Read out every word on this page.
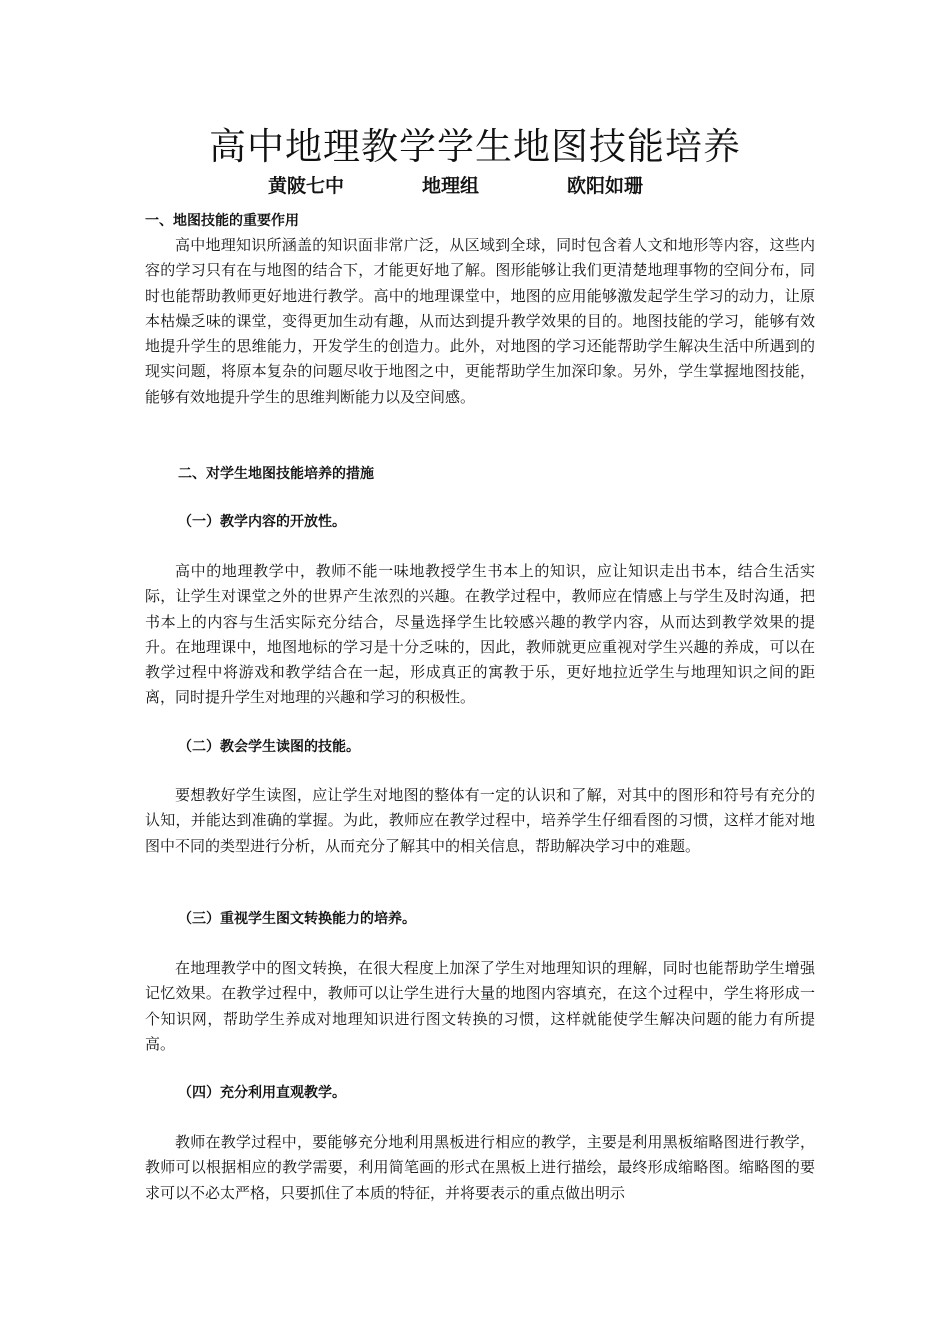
高中地理教学学生地图技能培养
黄陂七中	地理组	欧阳如珊
一、地图技能的重要作用

高中地理知识所涵盖的知识面非常广泛，从区域到全球，同时包含着人文和地形等内容，这些内容的学习只有在与地图的结合下，才能更好地了解。图形能够让我们更清楚地理事物的空间分布，同时也能帮助教师更好地进行教学。高中的地理课堂中，地图的应用能够激发起学生学习的动力，让原本枯燥乏味的课堂，变得更加生动有趣，从而达到提升教学效果的目的。地图技能的学习，能够有效地提升学生的思维能力，开发学生的创造力。此外，对地图的学习还能帮助学生解决生活中所遇到的现实问题，将原本复杂的问题尽收于地图之中，更能帮助学生加深印象。另外，学生掌握地图技能，能够有效地提升学生的思维判断能力以及空间感。

二、对学生地图技能培养的措施
（一）教学内容的开放性。

高中的地理教学中，教师不能一味地教授学生书本上的知识，应让知识走出书本，结合生活实际，让学生对课堂之外的世界产生浓烈的兴趣。在教学过程中，教师应在情感上与学生及时沟通，把书本上的内容与生活实际充分结合，尽量选择学生比较感兴趣的教学内容，从而达到教学效果的提升。在地理课中，地图地标的学习是十分乏味的，因此，教师就更应重视对学生兴趣的养成，可以在教学过程中将游戏和教学结合在一起，形成真正的寓教于乐，更好地拉近学生与地理知识之间的距离，同时提升学生对地理的兴趣和学习的积极性。

（二）教会学生读图的技能。

要想教好学生读图，应让学生对地图的整体有一定的认识和了解，对其中的图形和符号有充分的认知，并能达到准确的掌握。为此，教师应在教学过程中，培养学生仔细看图的习惯，这样才能对地图中不同的类型进行分析，从而充分了解其中的相关信息，帮助解决学习中的难题。

（三）重视学生图文转换能力的培养。

在地理教学中的图文转换，在很大程度上加深了学生对地理知识的理解，同时也能帮助学生增强记忆效果。在教学过程中，教师可以让学生进行大量的地图内容填充，在这个过程中，学生将形成一个知识网，帮助学生养成对地理知识进行图文转换的习惯，这样就能使学生解决问题的能力有所提高。

（四）充分利用直观教学。

教师在教学过程中，要能够充分地利用黑板进行相应的教学，主要是利用黑板缩略图进行教学，教师可以根据相应的教学需要，利用简笔画的形式在黑板上进行描绘，最终形成缩略图。缩略图的要求可以不必太严格，只要抓住了本质的特征，并将要表示的重点做出明示
